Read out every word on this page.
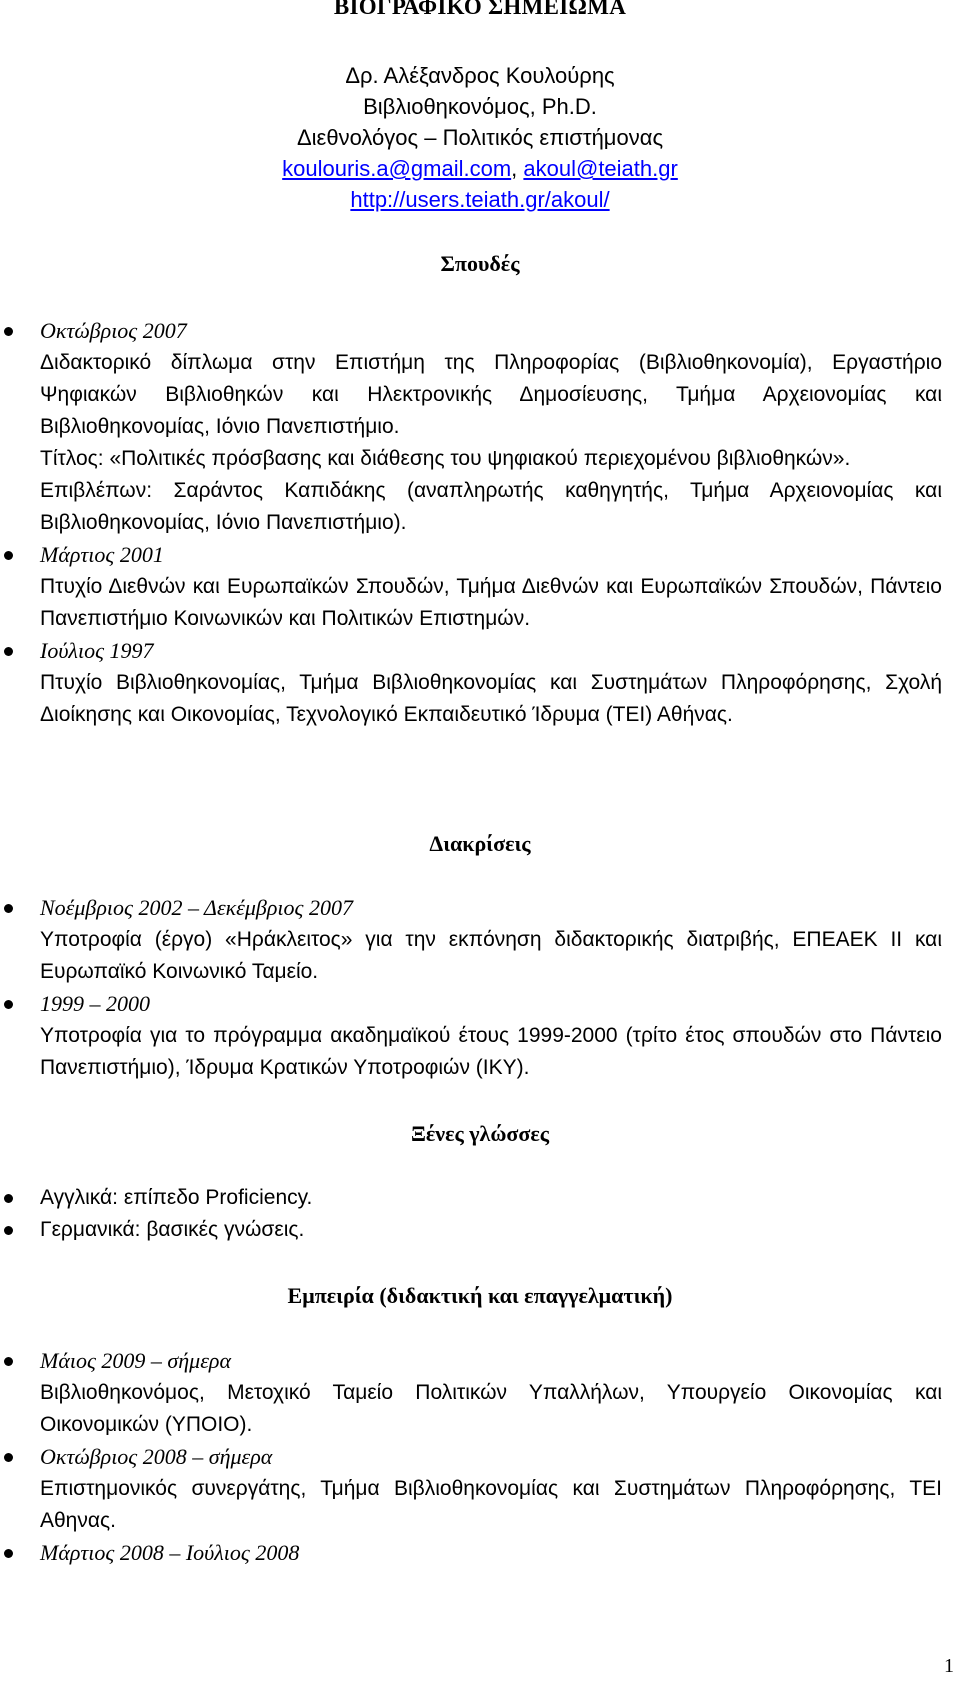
ΒΙΟΓΡΑΦΙΚΟ ΣΗΜΕΙΩΜΑ
Δρ. Αλέξανδρος Κουλούρης
Βιβλιοθηκονόμος, Ph.D.
Διεθνολόγος – Πολιτικός επιστήμονας
koulouris.a@gmail.com, akoul@teiath.gr
http://users.teiath.gr/akoul/
Σπουδές
Οκτώβριος 2007
Διδακτορικό δίπλωμα στην Επιστήμη της Πληροφορίας (Βιβλιοθηκονομία), Εργαστήριο Ψηφιακών Βιβλιοθηκών και Ηλεκτρονικής Δημοσίευσης, Τμήμα Αρχειονομίας και Βιβλιοθηκονομίας, Ιόνιο Πανεπιστήμιο.
Τίτλος: «Πολιτικές πρόσβασης και διάθεσης του ψηφιακού περιεχομένου βιβλιοθηκών».
Επιβλέπων: Σαράντος Καπιδάκης (αναπληρωτής καθηγητής, Τμήμα Αρχειονομίας και Βιβλιοθηκονομίας, Ιόνιο Πανεπιστήμιο).
Μάρτιος 2001
Πτυχίο Διεθνών και Ευρωπαϊκών Σπουδών, Τμήμα Διεθνών και Ευρωπαϊκών Σπουδών, Πάντειο Πανεπιστήμιο Κοινωνικών και Πολιτικών Επιστημών.
Ιούλιος 1997
Πτυχίο Βιβλιοθηκονομίας, Τμήμα Βιβλιοθηκονομίας και Συστημάτων Πληροφόρησης, Σχολή Διοίκησης και Οικονομίας, Τεχνολογικό Εκπαιδευτικό Ίδρυμα (ΤΕΙ) Αθήνας.
Διακρίσεις
Νοέμβριος 2002 – Δεκέμβριος 2007
Υποτροφία (έργο) «Ηράκλειτος» για την εκπόνηση διδακτορικής διατριβής, ΕΠΕΑΕΚ ΙΙ και Ευρωπαϊκό Κοινωνικό Ταμείο.
1999 – 2000
Υποτροφία για το πρόγραμμα ακαδημαϊκού έτους 1999-2000 (τρίτο έτος σπουδών στο Πάντειο Πανεπιστήμιο), Ίδρυμα Κρατικών Υποτροφιών (ΙΚΥ).
Ξένες γλώσσες
Αγγλικά: επίπεδο Proficiency.
Γερμανικά: βασικές γνώσεις.
Εμπειρία (διδακτική και επαγγελματική)
Μάιος 2009 – σήμερα
Βιβλιοθηκονόμος, Μετοχικό Ταμείο Πολιτικών Υπαλλήλων, Υπουργείο Οικονομίας και Οικονομικών (ΥΠΟΙΟ).
Οκτώβριος 2008 – σήμερα
Επιστημονικός συνεργάτης, Τμήμα Βιβλιοθηκονομίας και Συστημάτων Πληροφόρησης, ΤΕΙ Αθηνας.
Μάρτιος 2008 – Ιούλιος 2008
1
